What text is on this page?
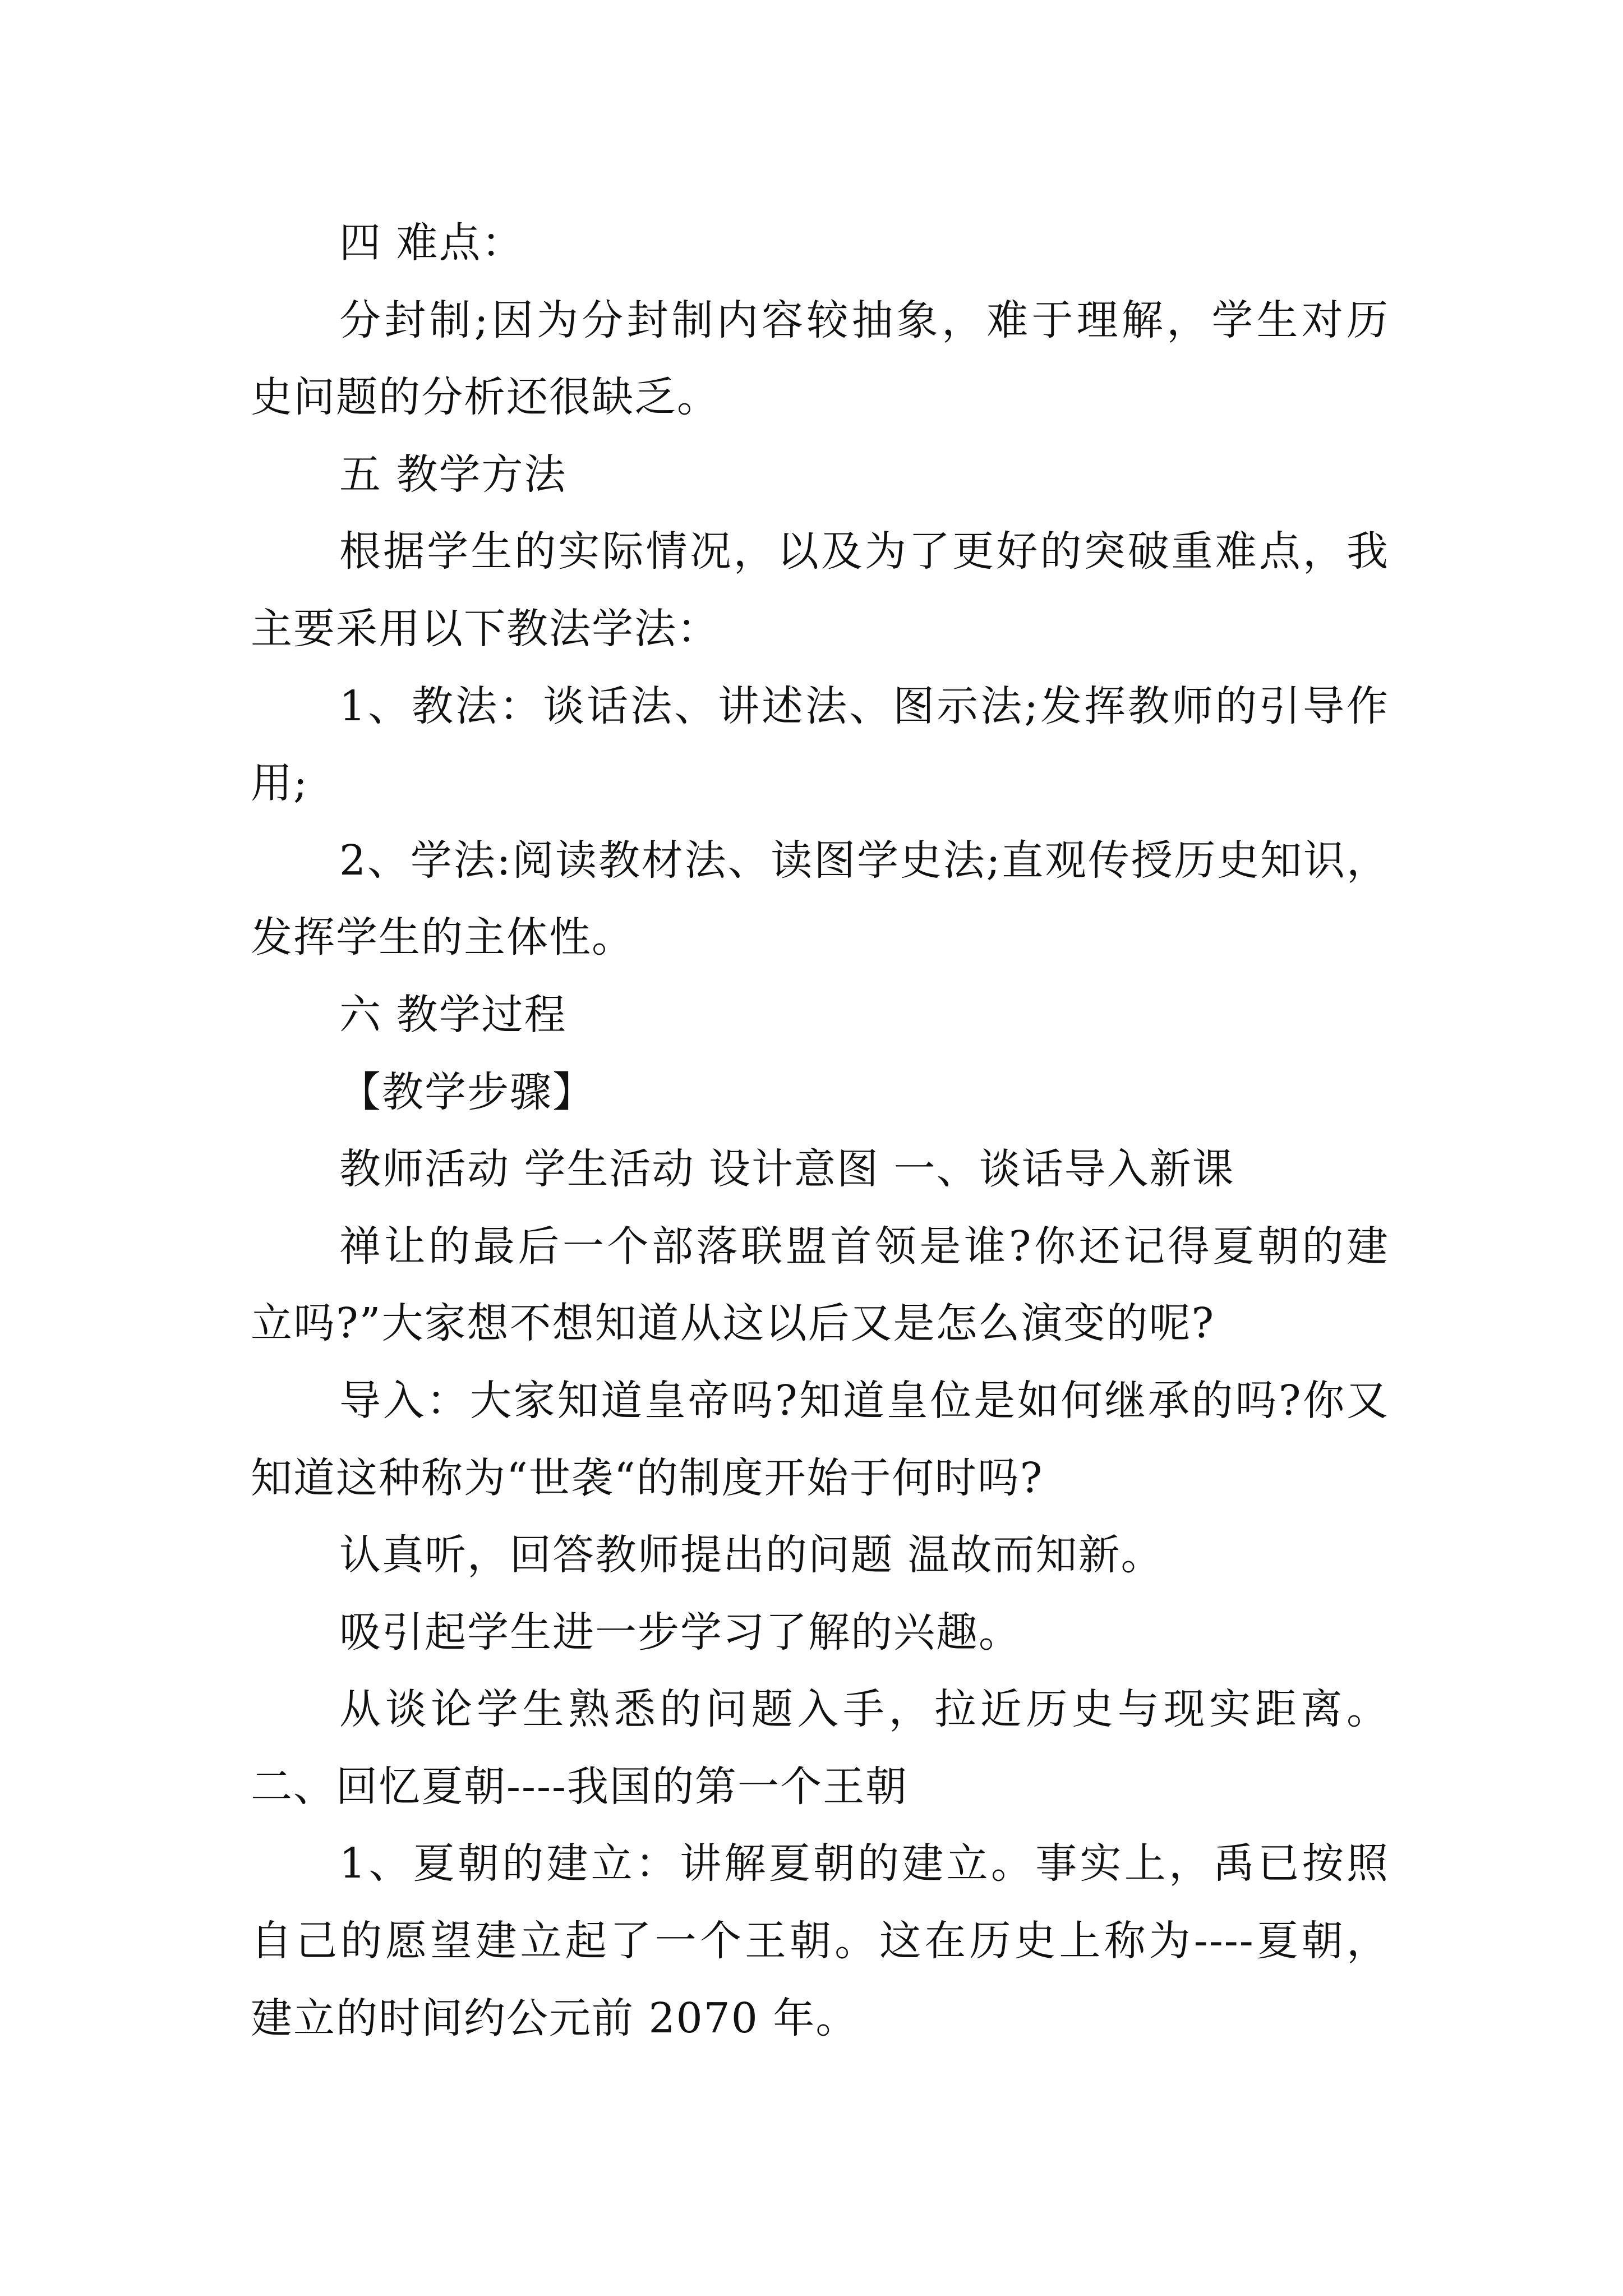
四 难点：
分封制;因为分封制内容较抽象，难于理解，学生对历
史问题的分析还很缺乏。
五 教学方法
根据学生的实际情况，以及为了更好的突破重难点，我
主要采用以下教法学法：
1、教法：谈话法、讲述法、图示法;发挥教师的引导作
用;
2、学法:阅读教材法、读图学史法;直观传授历史知识，
发挥学生的主体性。
六 教学过程
【教学步骤】
教师活动 学生活动 设计意图 一、谈话导入新课
禅让的最后一个部落联盟首领是谁?你还记得夏朝的建
立吗?”大家想不想知道从这以后又是怎么演变的呢?
导入：大家知道皇帝吗?知道皇位是如何继承的吗?你又
知道这种称为“世袭“的制度开始于何时吗?
认真听，回答教师提出的问题 温故而知新。
吸引起学生进一步学习了解的兴趣。
从谈论学生熟悉的问题入手，拉近历史与现实距离。
二、回忆夏朝----我国的第一个王朝
1、夏朝的建立：讲解夏朝的建立。事实上，禹已按照
自己的愿望建立起了一个王朝。这在历史上称为----夏朝，
建立的时间约公元前 2070 年。
